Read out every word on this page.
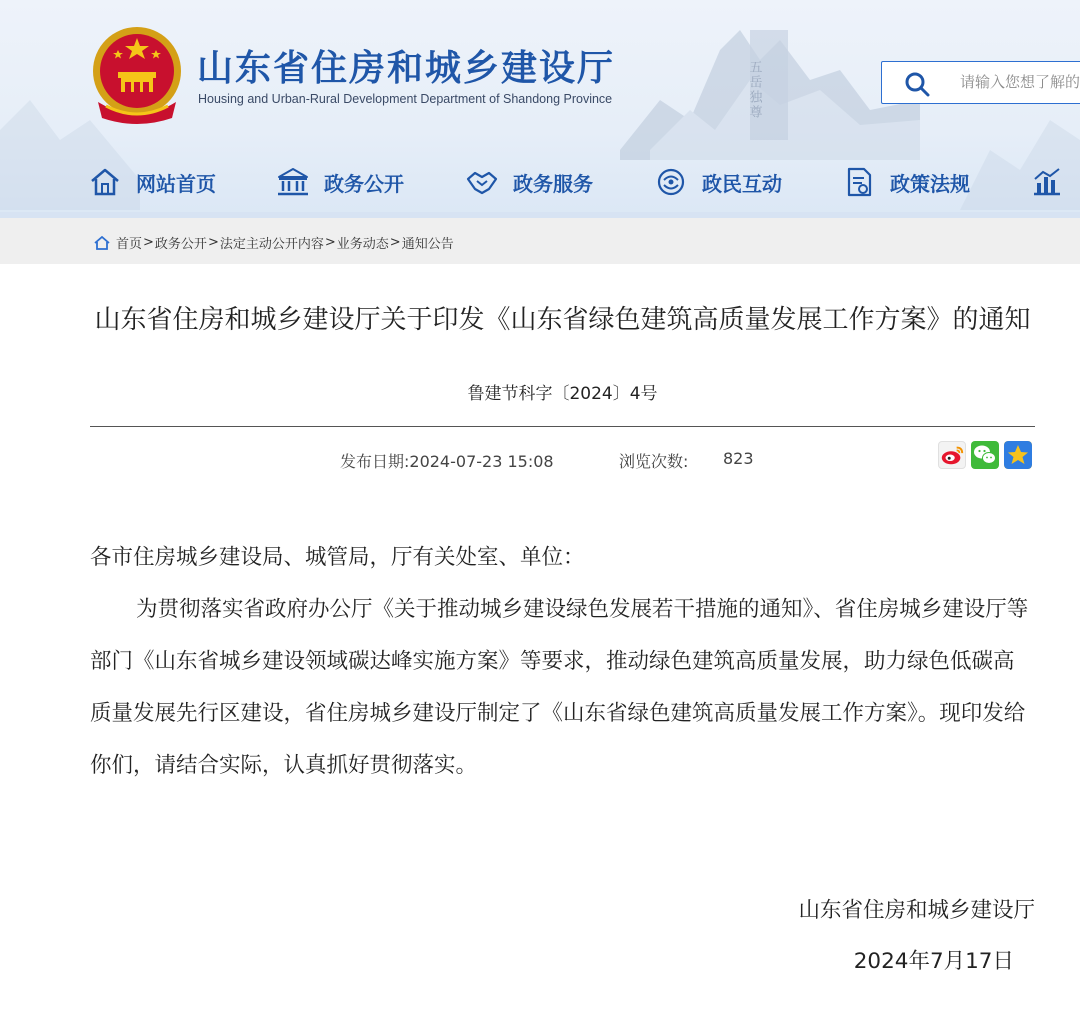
五岳独尊
山东省住房和城乡建设厅
Housing and Urban-Rural Development Department of Shandong Province
请输入您想了解的
网站首页	政务公开	政务服务	政民互动	政策法规
首页 > 政务公开 > 法定主动公开内容 > 业务动态 > 通知公告
山东省住房和城乡建设厅关于印发《山东省绿色建筑高质量发展工作方案》的通知
鲁建节科字〔2024〕4号
发布日期:2024-07-23 15:08	浏览次数: 823
各市住房城乡建设局、城管局，厅有关处室、单位：
为贯彻落实省政府办公厅《关于推动城乡建设绿色发展若干措施的通知》、省住房城乡建设厅等部门《山东省城乡建设领域碳达峰实施方案》等要求，推动绿色建筑高质量发展，助力绿色低碳高质量发展先行区建设，省住房城乡建设厅制定了《山东省绿色建筑高质量发展工作方案》。现印发给你们，请结合实际，认真抓好贯彻落实。
山东省住房和城乡建设厅
2024年7月17日
